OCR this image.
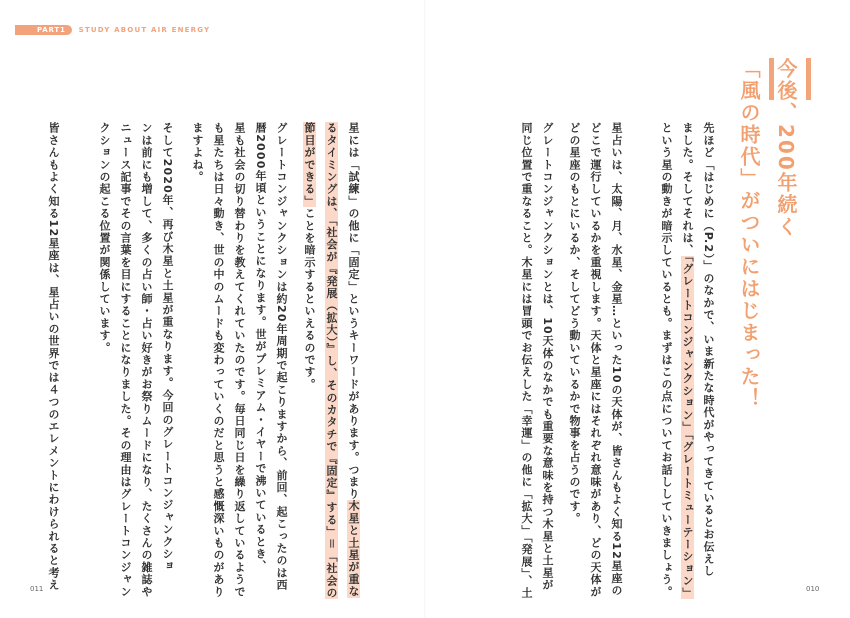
PART1	STUDY ABOUT AIR ENERGY
今後、200年続く
「風の時代」がついにはじまった！
先ほど「はじめに（P.2）」のなかで、いま新たな時代がやってきているとお伝えし
ました。そしてそれは、「グレートコンジャンクション」「グレートミューテーション」
という星の動きが暗示しているとも。まずはこの点についてお話ししていきましょう。
星占いは、太陽、月、水星、金星…といった10の天体が、皆さんもよく知る12星座の
どこで運行しているかを重視します。天体と星座にはそれぞれ意味があり、どの天体が
どの星座のもとにいるか、そしてどう動いているかで物事を占うのです。
グレートコンジャンクションとは、10天体のなかでも重要な意味を持つ木星と土星が
同じ位置で重なること。木星には冒頭でお伝えした「幸運」の他に「拡大」「発展」、土
星には「試練」の他に「固定」というキーワードがあります。つまり木星と土星が重な
るタイミングは、「社会が『発展（拡大）』し、そのカタチで『固定』する」＝「社会の
節目ができる」ことを暗示するといえるのです。
グレートコンジャンクションは約20年周期で起こりますから、前回、起こったのは西
暦2000年頃ということになります。世がプレミアム・イヤーで沸いているとき、
星も社会の切り替わりを教えてくれていたのです。毎日同じ日を繰り返しているようで
も星たちは日々動き、世の中のムードも変わっていくのだと思うと感慨深いものがあり
ますよね。
そして2020年、再び木星と土星が重なります。今回のグレートコンジャンクショ
ンは前にも増して、多くの占い師・占い好きがお祭りムードになり、たくさんの雑誌や
ニュース記事でその言葉を目にすることになりました。その理由はグレートコンジャン
クションの起こる位置が関係しています。
皆さんもよく知る12星座は、星占いの世界では４つのエレメントにわけられると考え
011	010
